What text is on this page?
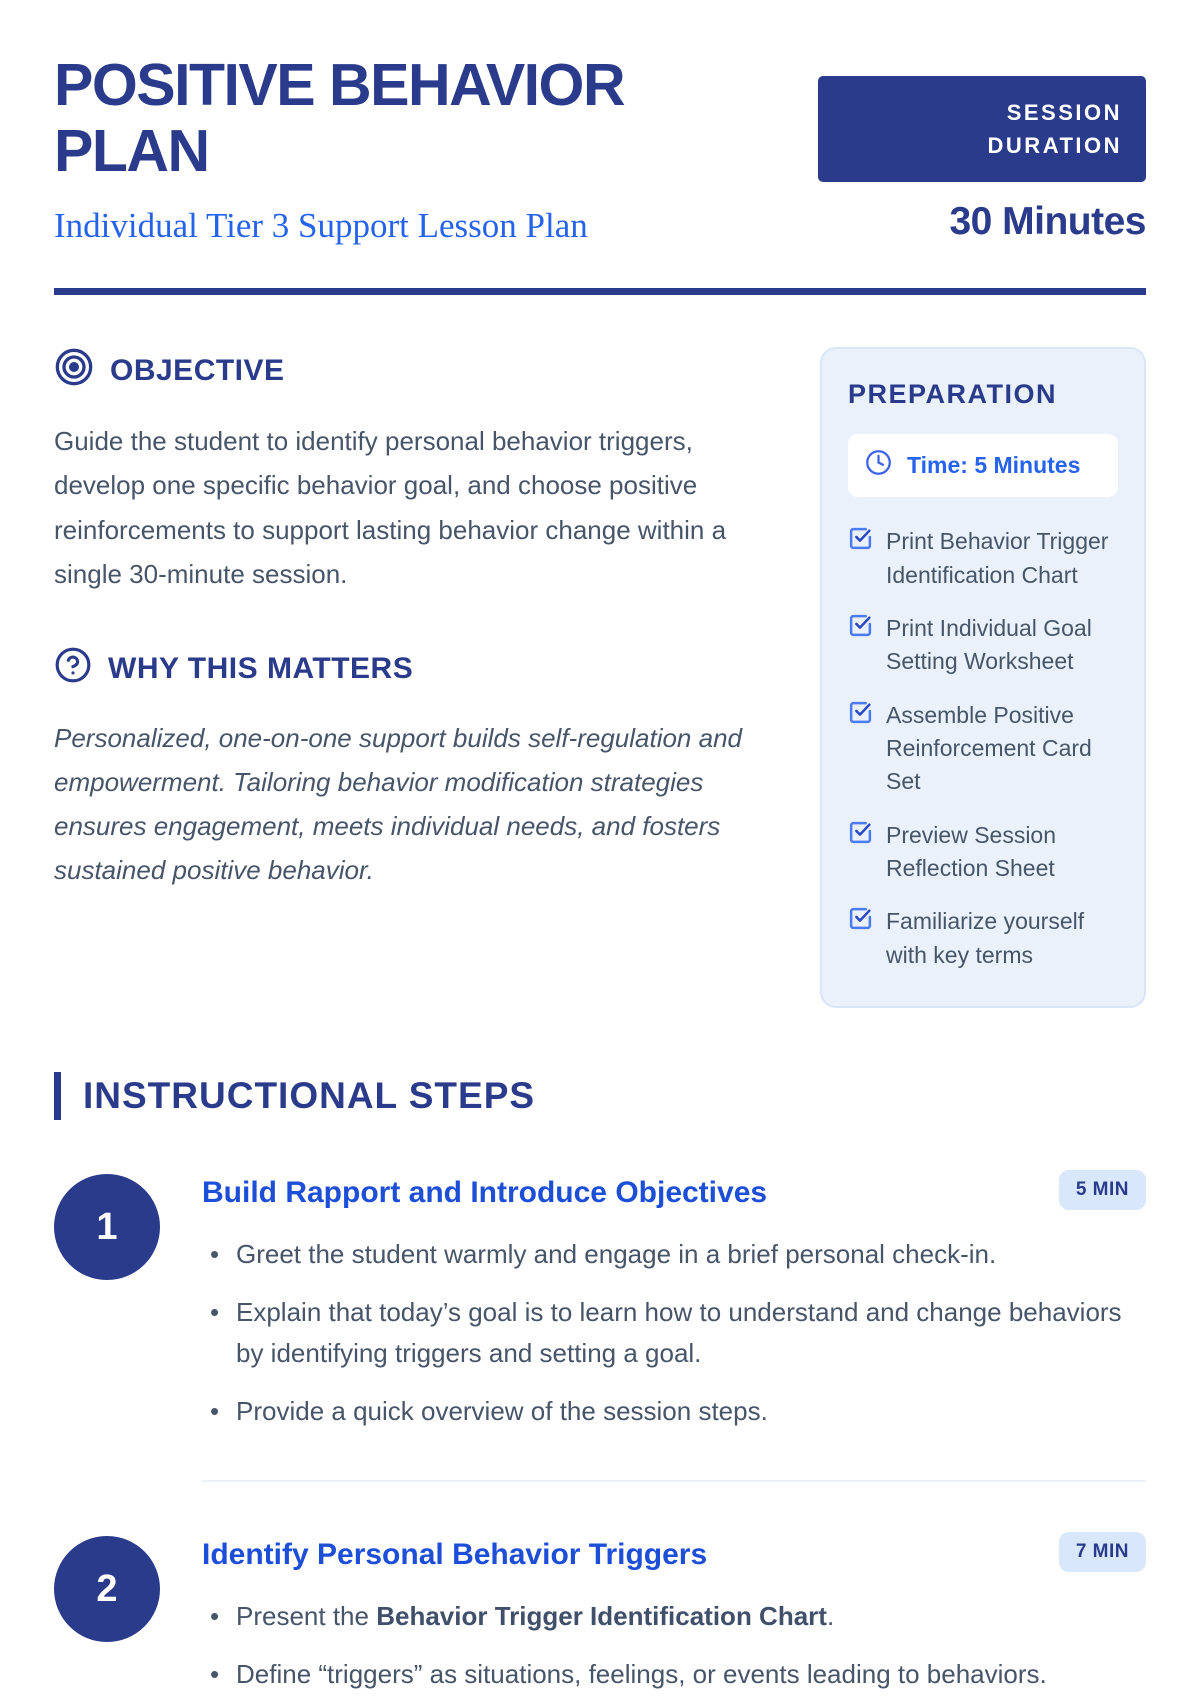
POSITIVE BEHAVIOR
PLAN
Individual Tier 3 Support Lesson Plan
SESSION
DURATION
30 Minutes
OBJECTIVE

Guide the student to identify personal behavior triggers, develop one specific behavior goal, and choose positive reinforcements to support lasting behavior change within a single 30-minute session.

WHY THIS MATTERS

Personalized, one-on-one support builds self-regulation and empowerment. Tailoring behavior modification strategies ensures engagement, meets individual needs, and fosters sustained positive behavior.

PREPARATION
Time: 5 Minutes
Print Behavior Trigger Identification Chart
Print Individual Goal Setting Worksheet
Assemble Positive Reinforcement Card Set
Preview Session Reflection Sheet
Familiarize yourself with key terms
INSTRUCTIONAL STEPS
1
Build Rapport and Introduce Objectives	5 MIN
• Greet the student warmly and engage in a brief personal check-in.
• Explain that today’s goal is to learn how to understand and change behaviors by identifying triggers and setting a goal.
• Provide a quick overview of the session steps.
2
Identify Personal Behavior Triggers	7 MIN
• Present the Behavior Trigger Identification Chart.
• Define “triggers” as situations, feelings, or events leading to behaviors.
